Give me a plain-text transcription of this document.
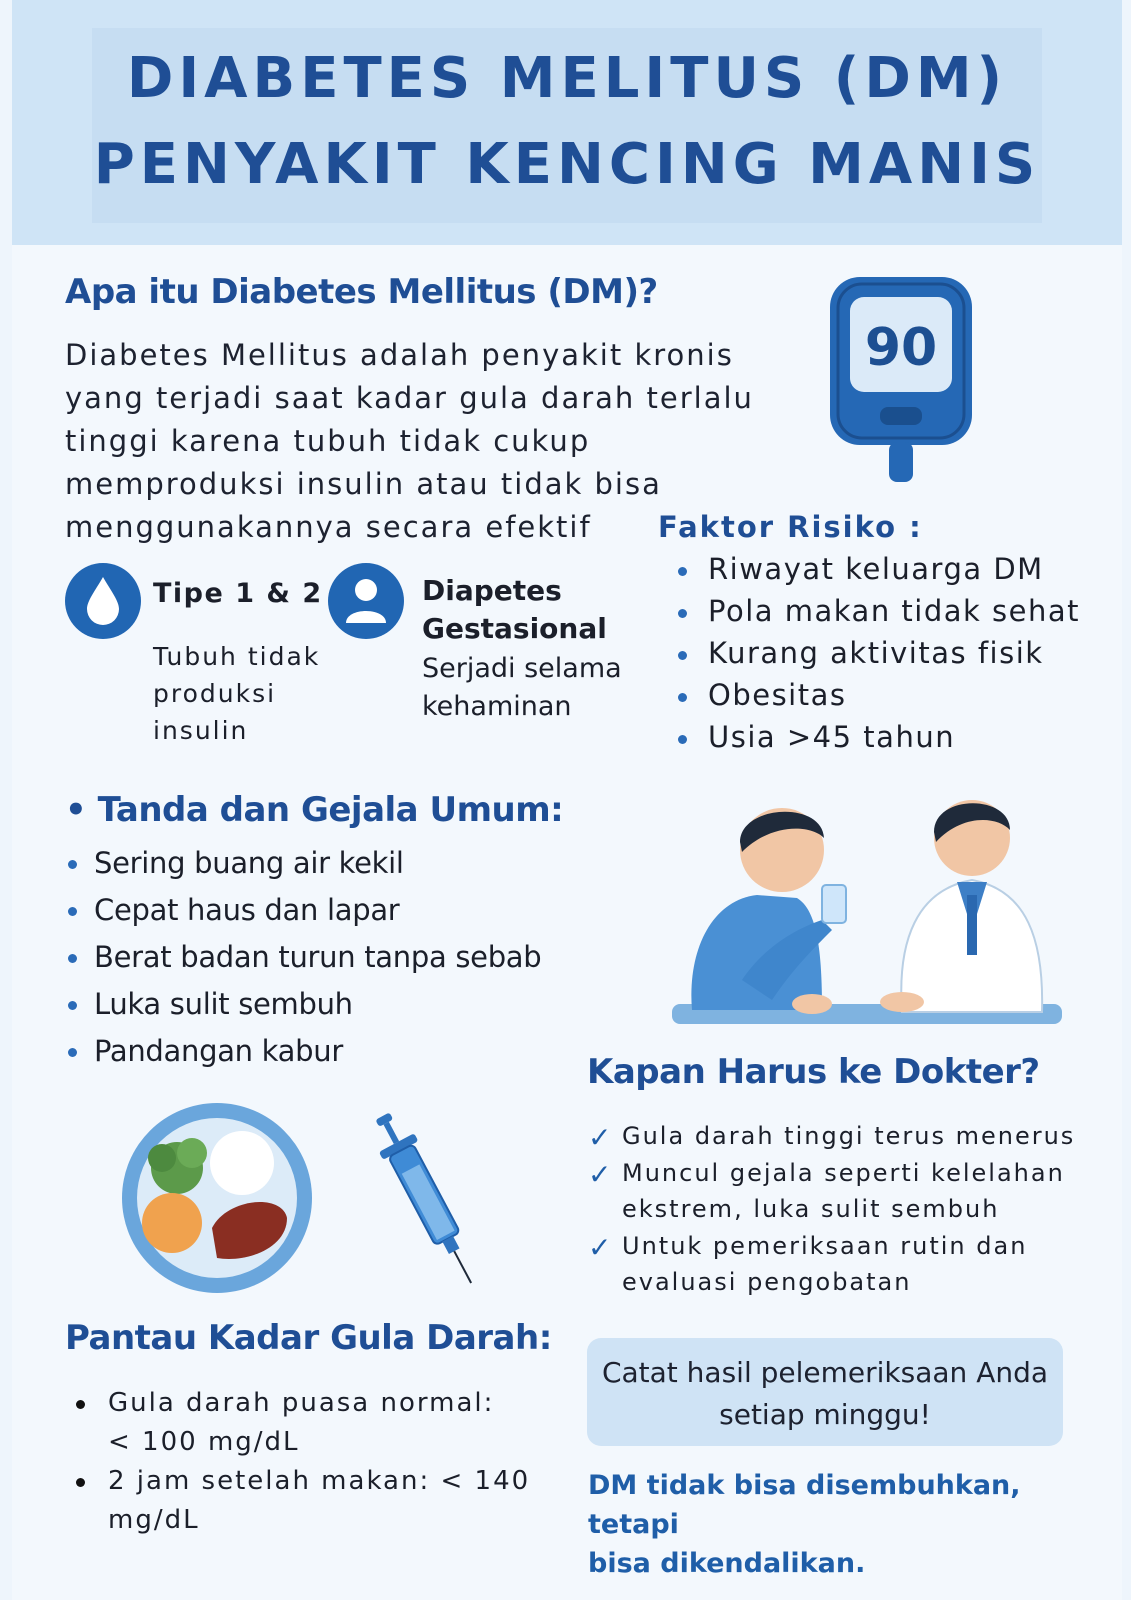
DIABETES MELITUS (DM)
PENYAKIT KENCING MANIS
Apa itu Diabetes Mellitus (DM)?
Diabetes Mellitus adalah penyakit kronis
yang terjadi saat kadar gula darah terlalu
tinggi karena tubuh tidak cukup
memproduksi insulin atau tidak bisa
menggunakannya secara efektif
90
Tipe 1 & 2
Tubuh tidak
produksi
insulin
Diapetes
Gestasional
Serjadi selama
kehaminan
Faktor Risiko :
Riwayat keluarga DM
Pola makan tidak sehat
Kurang aktivitas fisik
Obesitas
Usia >45 tahun
• Tanda dan Gejala Umum:
Sering buang air kekil
Cepat haus dan lapar
Berat badan turun tanpa sebab
Luka sulit sembuh
Pandangan kabur
Kapan Harus ke Dokter?
✓ Gula darah tinggi terus menerus
✓ Muncul gejala seperti kelelahan
ekstrem, luka sulit sembuh
✓ Untuk pemeriksaan rutin dan
evaluasi pengobatan
Pantau Kadar Gula Darah:
Gula darah puasa normal:
< 100 mg/dL
2 jam setelah makan: < 140
mg/dL
Catat hasil pelemeriksaan Anda
setiap minggu!
DM tidak bisa disembuhkan, tetapi
bisa dikendalikan.
